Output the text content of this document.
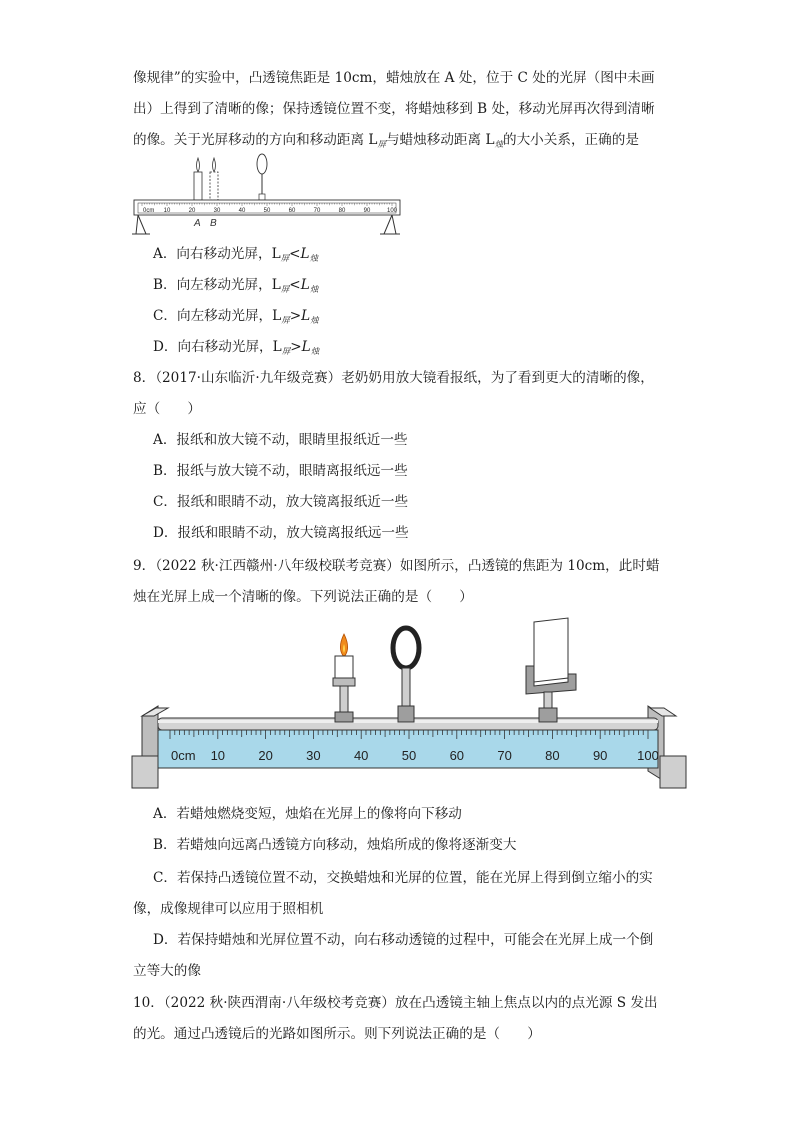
像规律”的实验中，凸透镜焦距是 10cm，蜡烛放在 A 处，位于 C 处的光屏（图中未画
出）上得到了清晰的像；保持透镜位置不变，将蜡烛移到 B 处，移动光屏再次得到清晰
的像。关于光屏移动的方向和移动距离 $L_屏$与蜡烛移动距离 $L_烛$的大小关系，正确的是
0cm 10	20	30	40	50	60	70	80	90	100
A B
A．向右移动光屏，$L_屏<L_烛$
B．向左移动光屏，$L_屏<L_烛$
C．向左移动光屏，$L_屏>L_烛$
D．向右移动光屏，$L_屏>L_烛$
8．（2017·山东临沂·九年级竞赛）老奶奶用放大镜看报纸，为了看到更大的清晰的像，
应（　　）
A．报纸和放大镜不动，眼睛里报纸近一些
B．报纸与放大镜不动，眼睛离报纸远一些
C．报纸和眼睛不动，放大镜离报纸近一些
D．报纸和眼睛不动，放大镜离报纸远一些
9．（2022 秋·江西赣州·八年级校联考竞赛）如图所示，凸透镜的焦距为 10cm，此时蜡
烛在光屏上成一个清晰的像。下列说法正确的是（　　）
0cm 10	20	30	40	50	60	70	80	90 100
A．若蜡烛燃烧变短，烛焰在光屏上的像将向下移动
B．若蜡烛向远离凸透镜方向移动，烛焰所成的像将逐渐变大
C．若保持凸透镜位置不动，交换蜡烛和光屏的位置，能在光屏上得到倒立缩小的实
像，成像规律可以应用于照相机
D．若保持蜡烛和光屏位置不动，向右移动透镜的过程中，可能会在光屏上成一个倒
立等大的像
10．（2022 秋·陕西渭南·八年级校考竞赛）放在凸透镜主轴上焦点以内的点光源 S 发出
的光。通过凸透镜后的光路如图所示。则下列说法正确的是（　　）
